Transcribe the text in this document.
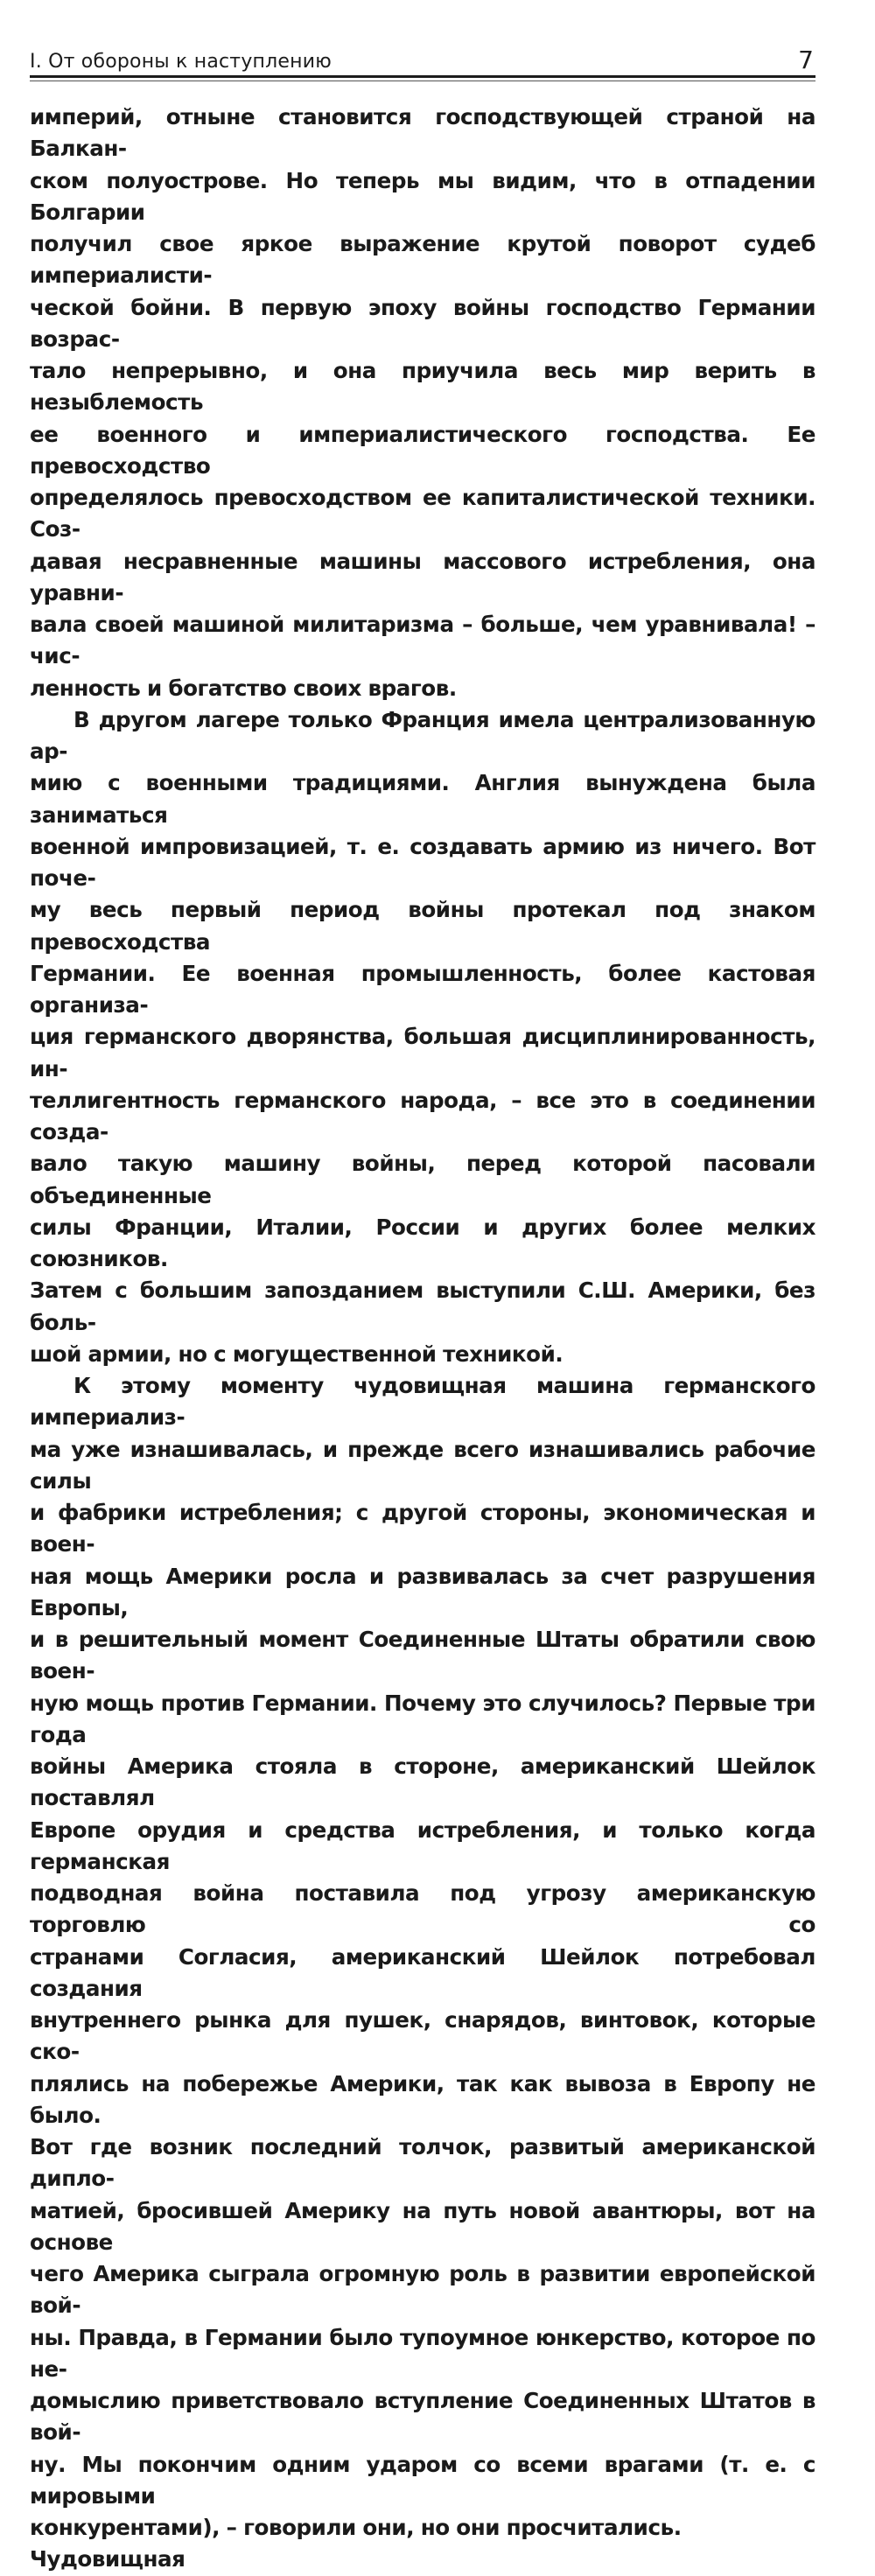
I. От обороны к наступлению	7
империй, отныне становится господствующей страной на Балкан-
ском полуострове. Но теперь мы видим, что в отпадении Болгарии
получил свое яркое выражение крутой поворот судеб империалисти-
ческой бойни. В первую эпоху войны господство Германии возрас-
тало непрерывно, и она приучила весь мир верить в незыблемость
ее военного и империалистического господства. Ее превосходство
определялось превосходством ее капиталистической техники. Соз-
давая несравненные машины массового истребления, она уравни-
вала своей машиной милитаризма – больше, чем уравнивала! – чис-
ленность и богатство своих врагов.
В другом лагере только Франция имела централизованную ар-
мию с военными традициями. Англия вынуждена была заниматься
военной импровизацией, т. е. создавать армию из ничего. Вот поче-
му весь первый период войны протекал под знаком превосходства
Германии. Ее военная промышленность, более кастовая организа-
ция германского дворянства, большая дисциплинированность, ин-
теллигентность германского народа, – все это в соединении созда-
вало такую машину войны, перед которой пасовали объединенные
силы Франции, Италии, России и других более мелких союзников.
Затем с большим запозданием выступили С.Ш. Америки, без боль-
шой армии, но с могущественной техникой.
К этому моменту чудовищная машина германского империализ-
ма уже изнашивалась, и прежде всего изнашивались рабочие силы
и фабрики истребления; с другой стороны, экономическая и воен-
ная мощь Америки росла и развивалась за счет разрушения Европы,
и в решительный момент Соединенные Штаты обратили свою воен-
ную мощь против Германии. Почему это случилось? Первые три года
войны Америка стояла в стороне, американский Шейлок поставлял
Европе орудия и средства истребления, и только когда германская
подводная война поставила под угрозу американскую торговлю со
странами Согласия, американский Шейлок потребовал создания
внутреннего рынка для пушек, снарядов, винтовок, которые ско-
плялись на побережье Америки, так как вывоза в Европу не было.
Вот где возник последний толчок, развитый американской дипло-
матией, бросившей Америку на путь новой авантюры, вот на основе
чего Америка сыграла огромную роль в развитии европейской вой-
ны. Правда, в Германии было тупоумное юнкерство, которое по не-
домыслию приветствовало вступление Соединенных Штатов в вой-
ну. Мы покончим одним ударом со всеми врагами (т. е. с мировыми
конкурентами), – говорили они, но они просчитались. Чудовищная
